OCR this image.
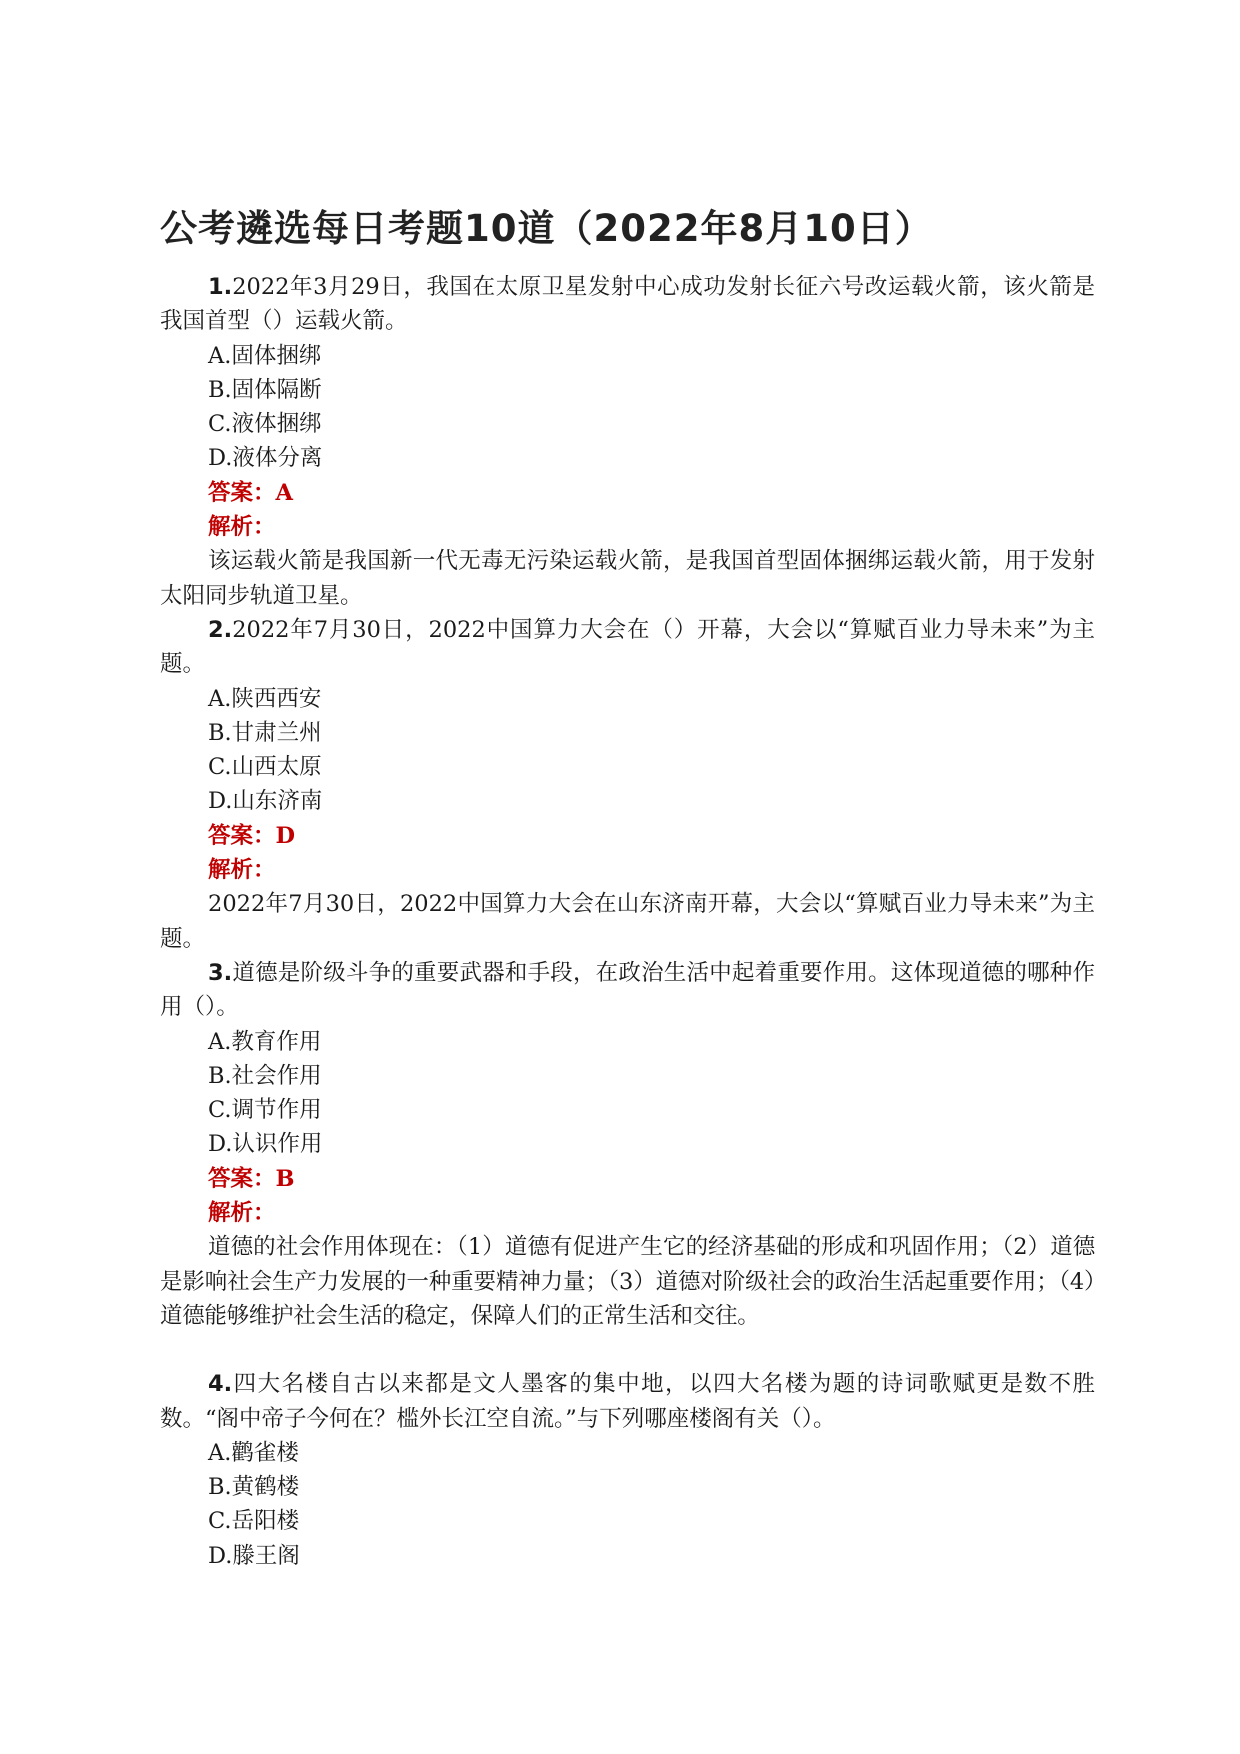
公考遴选每日考题10道（2022年8月10日）

1.2022年3月29日，我国在太原卫星发射中心成功发射长征六号改运载火箭，该火箭是我国首型（）运载火箭。

A.固体捆绑

B.固体隔断

C.液体捆绑

D.液体分离

答案：A

解析：

该运载火箭是我国新一代无毒无污染运载火箭，是我国首型固体捆绑运载火箭，用于发射太阳同步轨道卫星。

2.2022年7月30日，2022中国算力大会在（）开幕，大会以“算赋百业力导未来”为主题。

A.陕西西安

B.甘肃兰州

C.山西太原

D.山东济南

答案：D

解析：

2022年7月30日，2022中国算力大会在山东济南开幕，大会以“算赋百业力导未来”为主题。

3.道德是阶级斗争的重要武器和手段，在政治生活中起着重要作用。这体现道德的哪种作用（）。

A.教育作用

B.社会作用

C.调节作用

D.认识作用

答案：B

解析：

道德的社会作用体现在：（1）道德有促进产生它的经济基础的形成和巩固作用；（2）道德是影响社会生产力发展的一种重要精神力量；（3）道德对阶级社会的政治生活起重要作用；（4）道德能够维护社会生活的稳定，保障人们的正常生活和交往。

4.四大名楼自古以来都是文人墨客的集中地，以四大名楼为题的诗词歌赋更是数不胜数。“阁中帝子今何在？槛外长江空自流。”与下列哪座楼阁有关（）。

A.鹳雀楼

B.黄鹤楼

C.岳阳楼

D.滕王阁
